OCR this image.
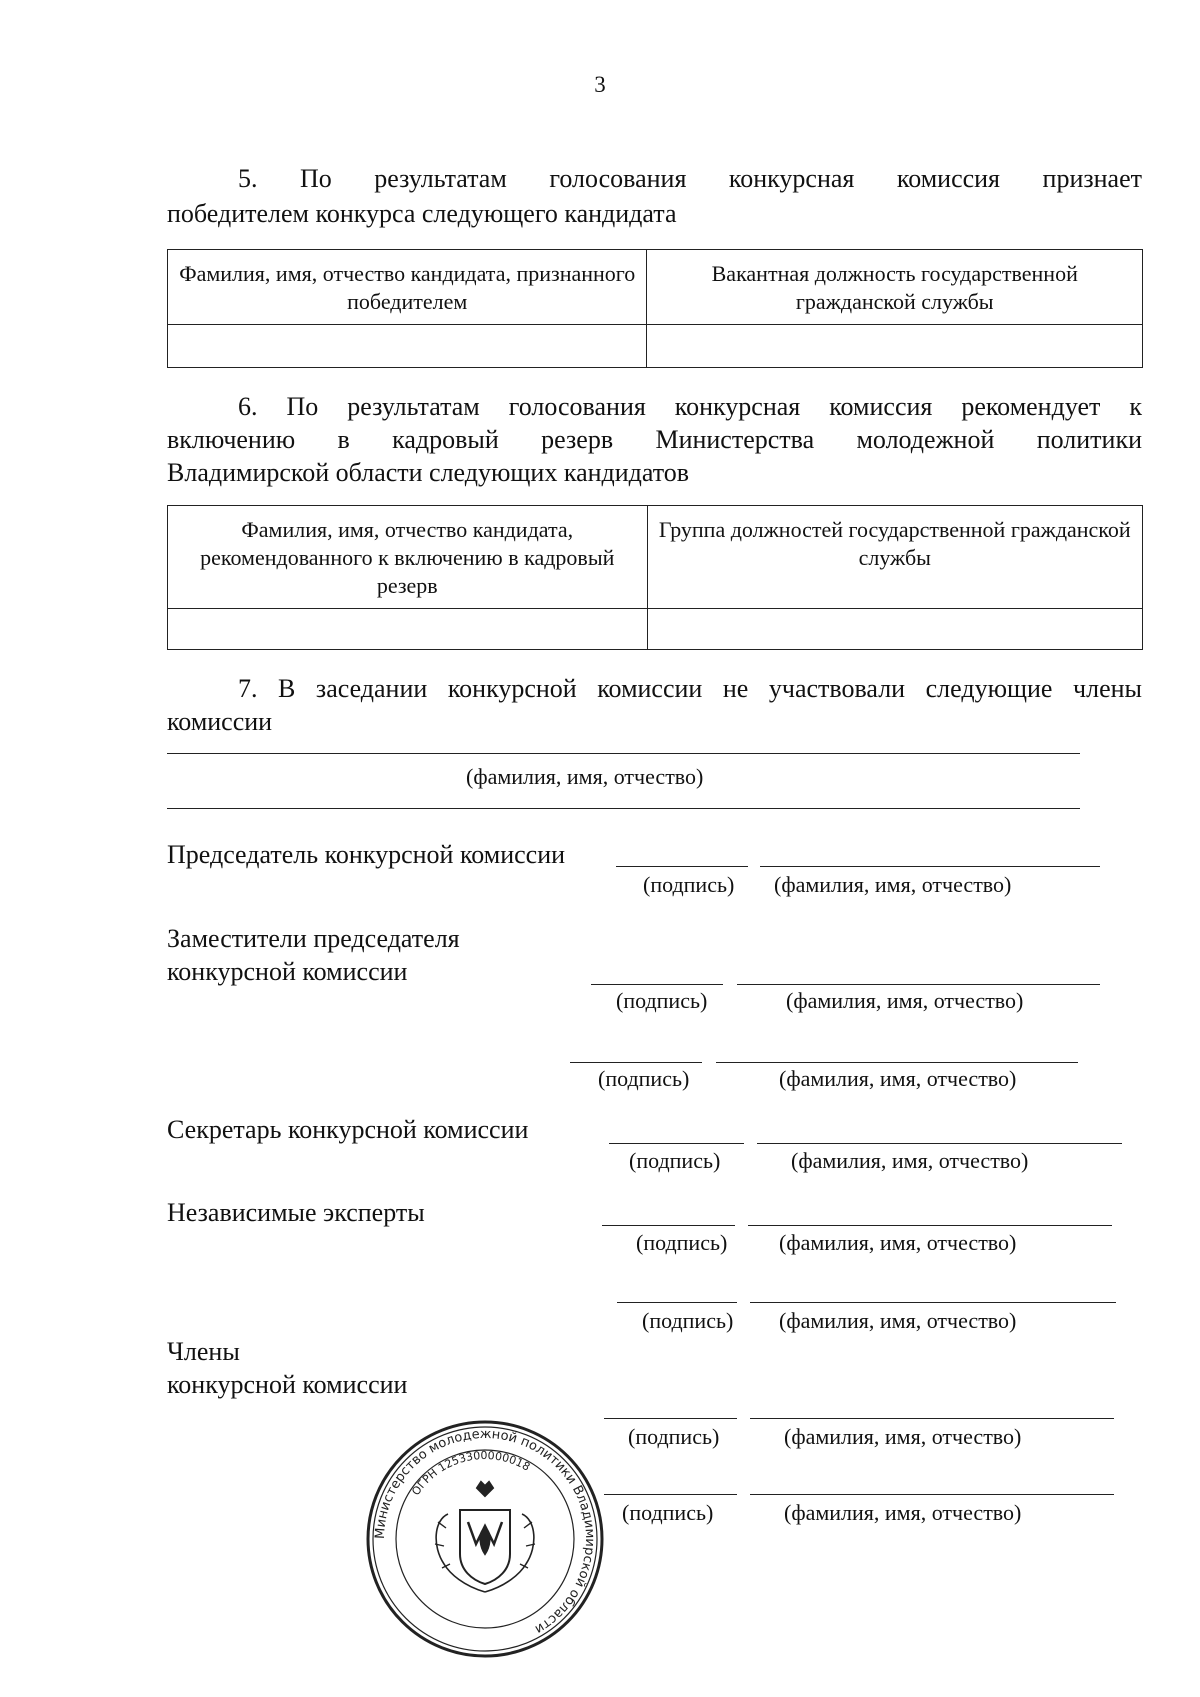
3
5. По результатам голосования конкурсная комиссия признает
победителем конкурса следующего кандидата
Фамилия, имя, отчество кандидата, признанного победителем	Вакантная должность государственной гражданской службы

6. По результатам голосования конкурсная комиссия рекомендует к
включению в кадровый резерв Министерства молодежной политики
Владимирской области следующих кандидатов
Фамилия, имя, отчество кандидата, рекомендованного к включению в кадровый резерв	Группа должностей государственной гражданской службы

7. В заседании конкурсной комиссии не участвовали следующие члены
комиссии
(фамилия, имя, отчество)
Председатель конкурсной комиссии
(подпись) (фамилия, имя, отчество)
Заместители председателя
конкурсной комиссии
(подпись)	(фамилия, имя, отчество)
(подпись)	(фамилия, имя, отчество)
Секретарь конкурсной комиссии
(подпись)	(фамилия, имя, отчество)
Независимые эксперты
(подпись) (фамилия, имя, отчество)
(подпись) (фамилия, имя, отчество)
Члены
конкурсной комиссии
(подпись)	(фамилия, имя, отчество)
(подпись)	(фамилия, имя, отчество)
Министерство молодежной политики Владимирской области
ОГРН 1253300000018
